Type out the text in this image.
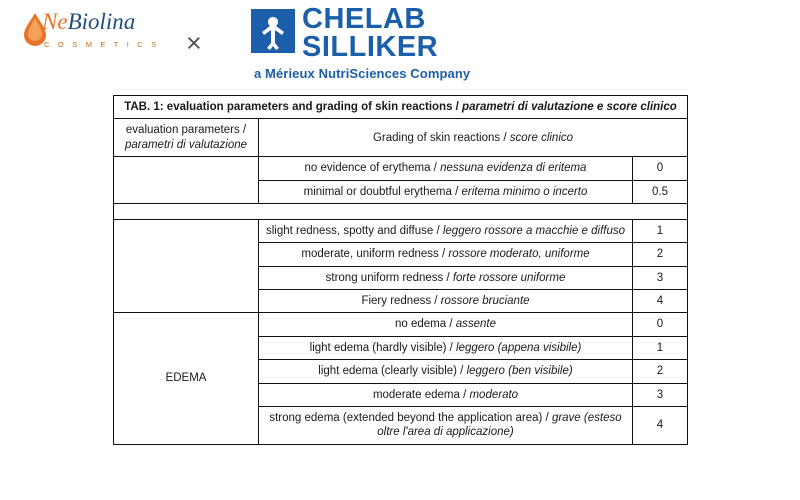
NeBiolina
C O S M E T I C S ×
CHELAB
SILLIKER
a Mérieux NutriSciences Company
TAB. 1: evaluation parameters and grading of skin reactions / parametri di valutazione e score clinico		
evaluation parameters / parametri di valutazione	Grading of skin reactions / score clinico	
	no evidence of erythema / nessuna evidenza di eritema	0
	minimal or doubtful erythema / eritema minimo o incerto	0.5

	slight redness, spotty and diffuse / leggero rossore a macchie e diffuso	1
	moderate, uniform redness / rossore moderato, uniforme	2
	strong uniform redness / forte rossore uniforme	3
	Fiery redness / rossore bruciante	4
EDEMA	no edema / assente	0
	light edema (hardly visible) / leggero (appena visibile)	1
	light edema (clearly visible) / leggero (ben visibile)	2
	moderate edema / moderato	3
	strong edema (extended beyond the application area) / grave (esteso oltre l'area di applicazione)	4
